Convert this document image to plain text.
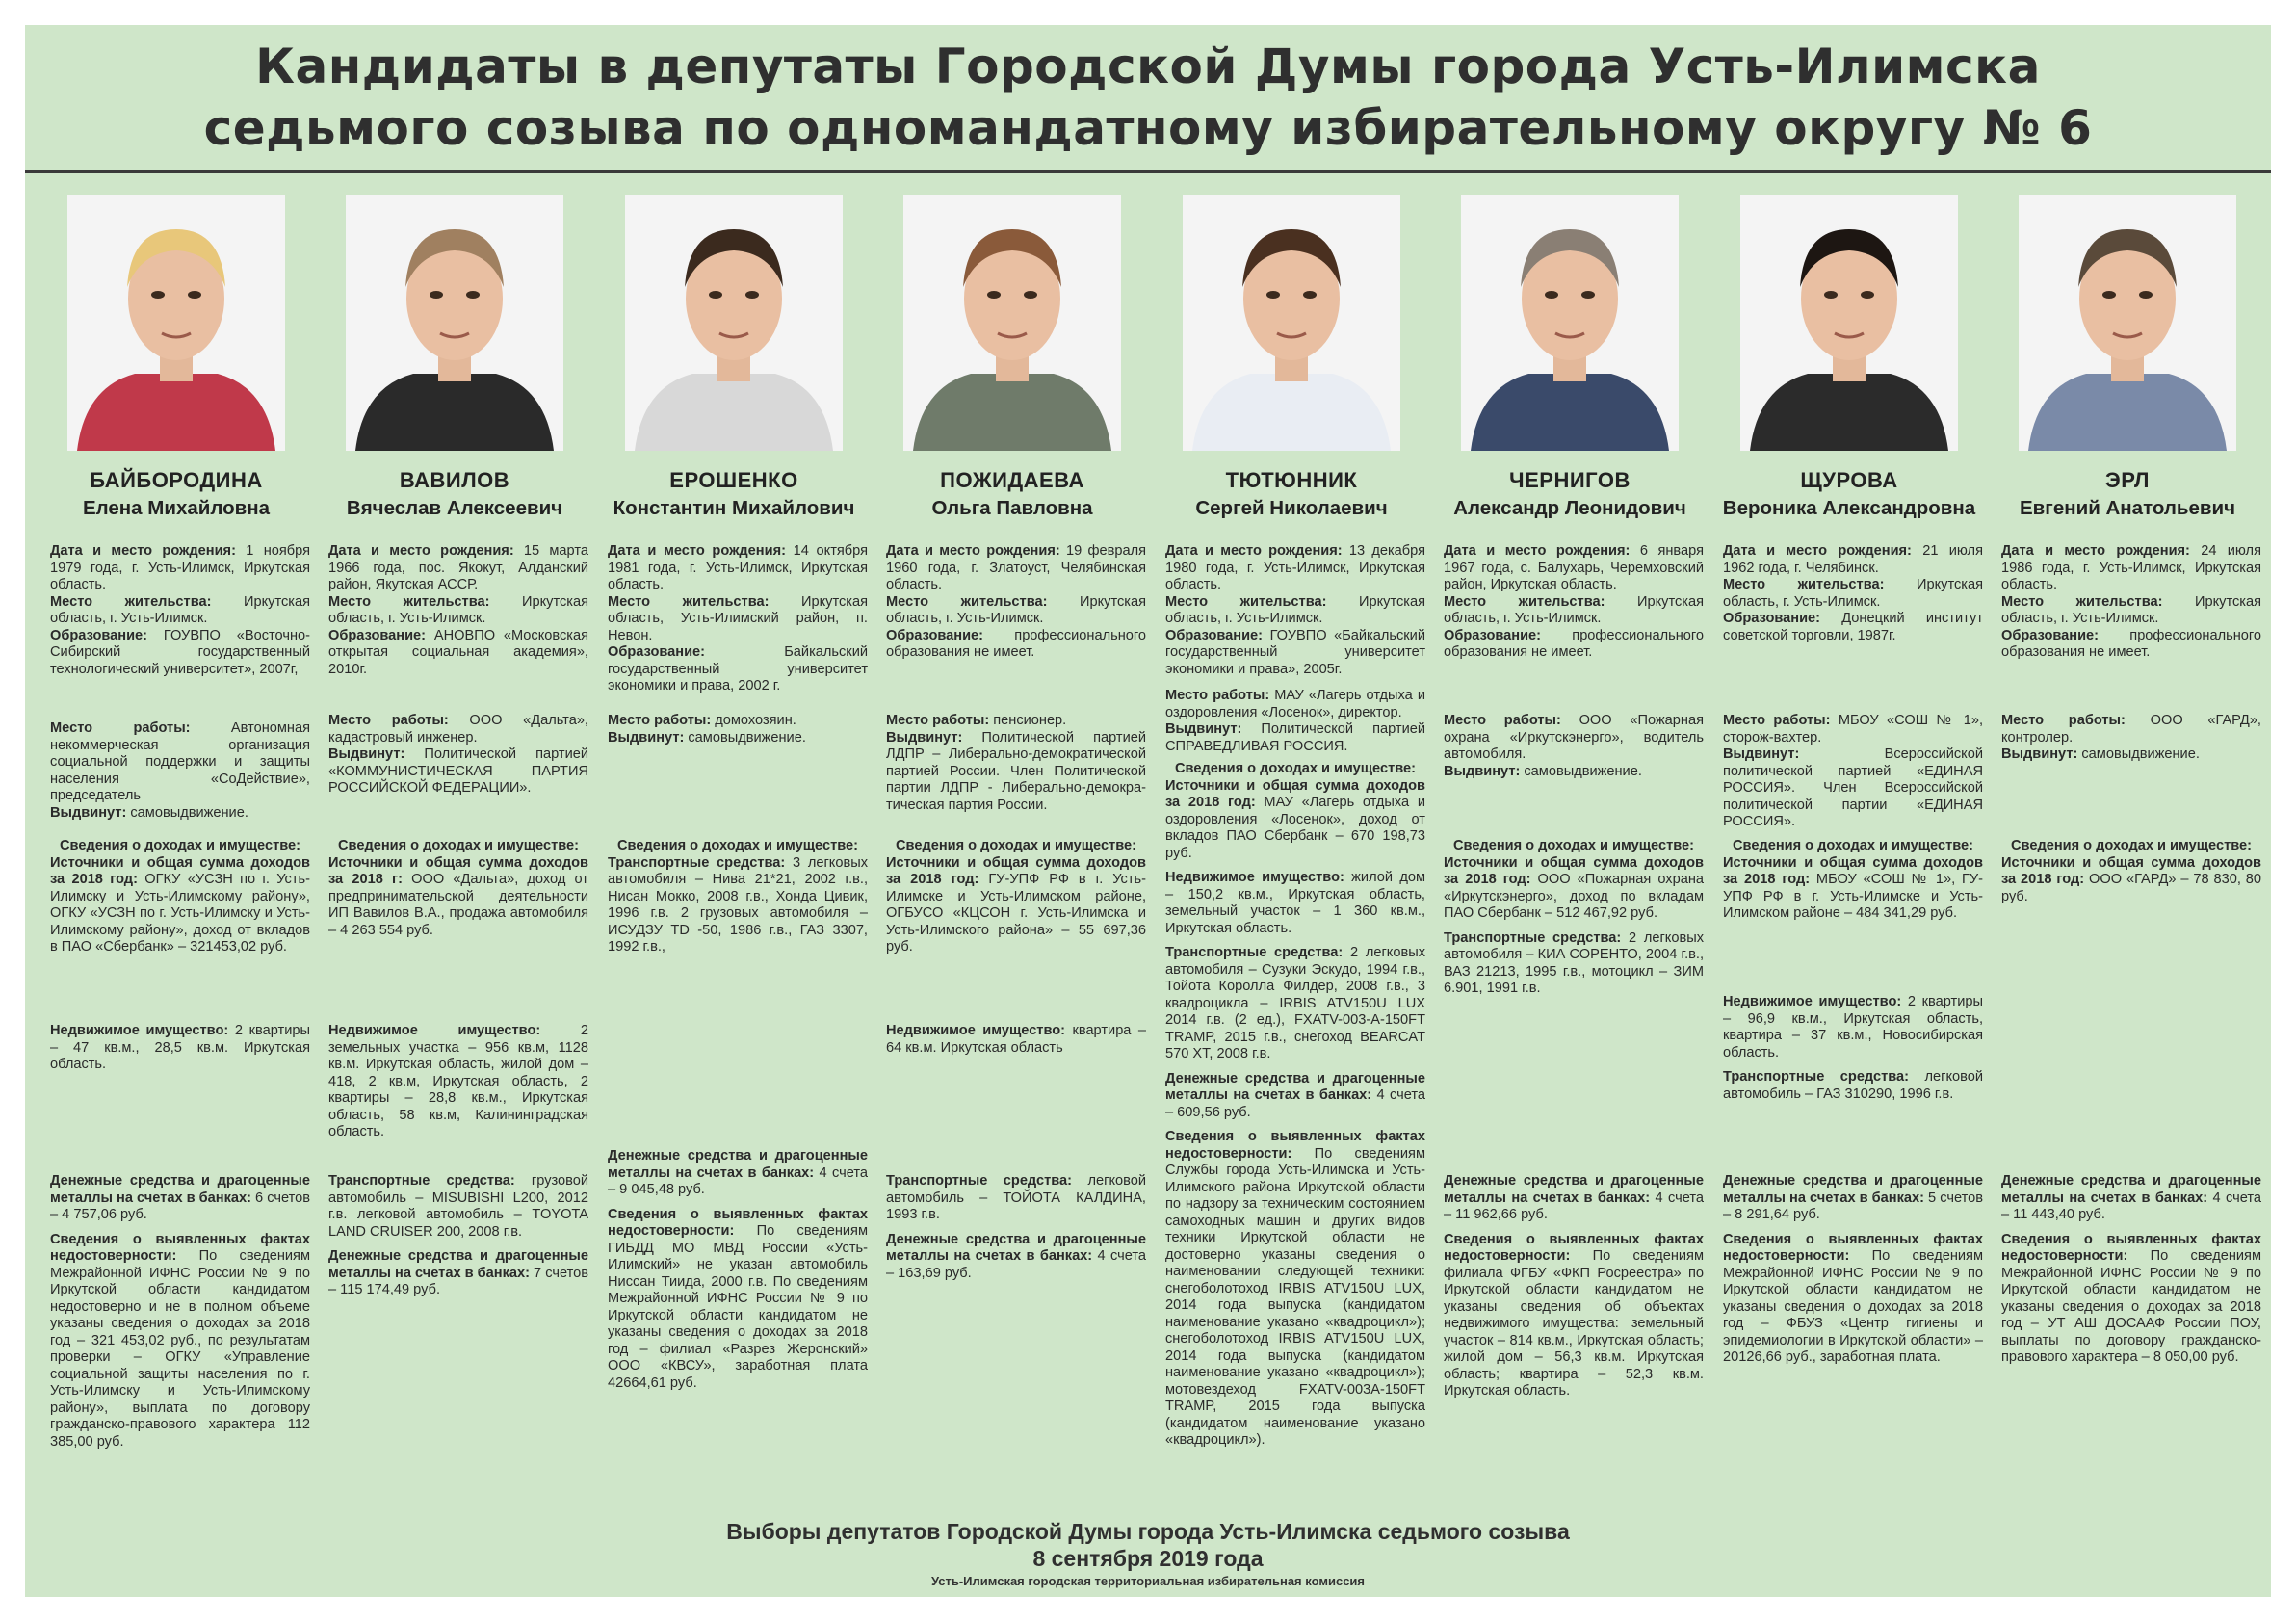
Кандидаты в депутаты Городской Думы города Усть-Илимска
седьмого созыва по одномандатному избирательному округу № 6
БАЙБОРОДИНА
Елена Михайловна
Дата и место рождения: 1 ноября 1979 года, г. Усть-Илимск, Иркутская область.
Место жительства: Иркутская область, г. Усть-Илимск.
Образование: ГОУВПО «Восточно-Сибирский государственный технологический университет», 2007г,
Место работы: Автономная некоммерческая организация социальной поддержки и защиты населения «СоДействие», председатель
Выдвинут: самовыдвижение.
Сведения о доходах и имуществе:
Источники и общая сумма доходов за 2018 год: ОГКУ «УСЗН по г. Усть-Илимску и Усть-Илимскому району», ОГКУ «УСЗН по г. Усть-Илимску и Усть-Илимскому району», доход от вкладов в ПАО «Сбербанк» – 321453,02 руб.
Недвижимое имущество: 2 квартиры – 47 кв.м., 28,5 кв.м. Иркутская область.
Денежные средства и драгоценные металлы на счетах в банках: 6 счетов – 4 757,06 руб.
Сведения о выявленных фактах недостоверности: По сведениям Межрайонной ИФНС России № 9 по Иркутской области кандидатом недостоверно и не в полном объеме указаны сведения о доходах за 2018 год – 321 453,02 руб., по результатам проверки – ОГКУ «Управление социальной защиты населения по г. Усть-Илимску и Усть-Илимскому району», выплата по договору гражданско-правового характера 112 385,00 руб.
ВАВИЛОВ
Вячеслав Алексеевич
Дата и место рождения: 15 марта 1966 года, пос. Якокут, Алданский район, Якутская АССР.
Место жительства: Иркутская область, г. Усть-Илимск.
Образование: АНОВПО «Московская открытая социальная академия», 2010г.
Место работы: ООО «Дальта», кадастровый инженер.
Выдвинут: Политической партией «КОММУНИСТИЧЕСКАЯ ПАРТИЯ РОССИЙСКОЙ ФЕДЕРАЦИИ».
Сведения о доходах и имуществе:
Источники и общая сумма доходов за 2018 г: ООО «Дальта», доход от предпринимательской деятельности ИП Вавилов В.А., продажа автомобиля – 4 263 554 руб.
Недвижимое имущество: 2 земельных участка – 956 кв.м, 1128 кв.м. Иркутская область, жилой дом – 418, 2 кв.м, Иркутская область, 2 квартиры – 28,8 кв.м., Иркутская область, 58 кв.м, Калининградская область.
Транспортные средства: грузовой автомобиль – MISUBISHI L200, 2012 г.в. легковой автомобиль – TOYOTA LAND CRUISER 200, 2008 г.в.
Денежные средства и драгоценные металлы на счетах в банках: 7 счетов – 115 174,49 руб.
ЕРОШЕНКО
Константин Михайлович
Дата и место рождения: 14 октября 1981 года, г. Усть-Илимск, Иркутская область.
Место жительства: Иркутская область, Усть-Илимский район, п. Невон.
Образование: Байкальский государственный университет экономики и права, 2002 г.
Место работы: домохозяин.
Выдвинут: самовыдвижение.
Сведения о доходах и имуществе:
Транспортные средства: 3 легковых автомобиля – Нива 21*21, 2002 г.в., Нисан Мокко, 2008 г.в., Хонда Цивик, 1996 г.в. 2 грузовых автомобиля – ИСУДЗУ TD -50, 1986 г.в., ГАЗ 3307, 1992 г.в.,
Денежные средства и драгоценные металлы на счетах в банках: 4 счета – 9 045,48 руб.
Сведения о выявленных фактах недостоверности: По сведениям ГИБДД МО МВД России «Усть-Илимский» не указан автомобиль Ниссан Тиида, 2000 г.в. По сведениям Межрайонной ИФНС России № 9 по Иркутской области кандидатом не указаны сведения о доходах за 2018 год – филиал «Разрез Жеронский» ООО «КВСУ», заработная плата 42664,61 руб.
ПОЖИДАЕВА
Ольга Павловна
Дата и место рождения: 19 февраля 1960 года, г. Златоуст, Челябинская область.
Место жительства: Иркутская область, г. Усть-Илимск.
Образование: профессионального образования не имеет.
Место работы: пенсионер.
Выдвинут: Политической партией ЛДПР – Либерально-демократической партией России. Член Политической партии ЛДПР - Либерально-демокра-тическая партия России.
Сведения о доходах и имуществе:
Источники и общая сумма доходов за 2018 год: ГУ-УПФ РФ в г. Усть-Илимске и Усть-Илимском районе, ОГБУСО «КЦСОН г. Усть-Илимска и Усть-Илимского района» – 55 697,36 руб.
Недвижимое имущество: квартира – 64 кв.м. Иркутская область
Транспортные средства: легковой автомобиль – ТОЙОТА КАЛДИНА, 1993 г.в.
Денежные средства и драгоценные металлы на счетах в банках: 4 счета – 163,69 руб.
ТЮТЮННИК
Сергей Николаевич
Дата и место рождения: 13 декабря 1980 года, г. Усть-Илимск, Иркутская область.
Место жительства: Иркутская область, г. Усть-Илимск.
Образование: ГОУВПО «Байкальский государственный университет экономики и права», 2005г.
Место работы: МАУ «Лагерь отдыха и оздоровления «Лосенок», директор.
Выдвинут: Политической партией СПРАВЕДЛИВАЯ РОССИЯ.
Сведения о доходах и имуществе:
Источники и общая сумма доходов за 2018 год: МАУ «Лагерь отдыха и оздоровления «Лосенок», доход от вкладов ПАО Сбербанк – 670 198,73 руб.
Недвижимое имущество: жилой дом – 150,2 кв.м., Иркутская область, земельный участок – 1 360 кв.м., Иркутская область.
Транспортные средства: 2 легковых автомобиля – Сузуки Эскудо, 1994 г.в., Тойота Королла Филдер, 2008 г.в., 3 квадроцикла – IRBIS ATV150U LUX 2014 г.в. (2 ед.), FXATV-003-A-150FT TRAMP, 2015 г.в., снегоход BEARCAT 570 XT, 2008 г.в.
Денежные средства и драгоценные металлы на счетах в банках: 4 счета – 609,56 руб.
Сведения о выявленных фактах недостоверности: По сведениям Службы города Усть-Илимска и Усть-Илимского района Иркутской области по надзору за техническим состоянием самоходных машин и других видов техники Иркутской области не достоверно указаны сведения о наименовании следующей техники: снегоболотоход IRBIS ATV150U LUX, 2014 года выпуска (кандидатом наименование указано «квадроцикл»); снегоболотоход IRBIS ATV150U LUX, 2014 года выпуска (кандидатом наименование указано «квадроцикл»); мотовездеход FXATV-003A-150FT TRAMP, 2015 года выпуска (кандидатом наименование указано «квадроцикл»).
ЧЕРНИГОВ
Александр Леонидович
Дата и место рождения: 6 января 1967 года, с. Балухарь, Черемховский район, Иркутская область.
Место жительства: Иркутская область, г. Усть-Илимск.
Образование: профессионального образования не имеет.
Место работы: ООО «Пожарная охрана «Иркутскэнерго», водитель автомобиля.
Выдвинут: самовыдвижение.
Сведения о доходах и имуществе:
Источники и общая сумма доходов за 2018 год: ООО «Пожарная охрана «Иркутскэнерго», доход по вкладам ПАО Сбербанк – 512 467,92 руб.
Транспортные средства: 2 легковых автомобиля – КИА СОРЕНТО, 2004 г.в., ВАЗ 21213, 1995 г.в., мотоцикл – ЗИМ 6.901, 1991 г.в.
Денежные средства и драгоценные металлы на счетах в банках: 4 счета – 11 962,66 руб.
Сведения о выявленных фактах недостоверности: По сведениям филиала ФГБУ «ФКП Росреестра» по Иркутской области кандидатом не указаны сведения об объектах недвижимого имущества: земельный участок – 814 кв.м., Иркутская область; жилой дом – 56,3 кв.м. Иркутская область; квартира – 52,3 кв.м. Иркутская область.
ЩУРОВА
Вероника Александровна
Дата и место рождения: 21 июля 1962 года, г. Челябинск.
Место жительства: Иркутская область, г. Усть-Илимск.
Образование: Донецкий институт советской торговли, 1987г.
Место работы: МБОУ «СОШ № 1», сторож-вахтер.
Выдвинут: Всероссийской политической партией «ЕДИНАЯ РОССИЯ». Член Всероссийской политической партии «ЕДИНАЯ РОССИЯ».
Сведения о доходах и имуществе:
Источники и общая сумма доходов за 2018 год: МБОУ «СОШ № 1», ГУ-УПФ РФ в г. Усть-Илимске и Усть-Илимском районе – 484 341,29 руб.
Недвижимое имущество: 2 квартиры – 96,9 кв.м., Иркутская область, квартира – 37 кв.м., Новосибирская область.
Транспортные средства: легковой автомобиль – ГАЗ 310290, 1996 г.в.
Денежные средства и драгоценные металлы на счетах в банках: 5 счетов – 8 291,64 руб.
Сведения о выявленных фактах недостоверности: По сведениям Межрайонной ИФНС России № 9 по Иркутской области кандидатом не указаны сведения о доходах за 2018 год – ФБУЗ «Центр гигиены и эпидемиологии в Иркутской области» – 20126,66 руб., заработная плата.
ЭРЛ
Евгений Анатольевич
Дата и место рождения: 24 июля 1986 года, г. Усть-Илимск, Иркутская область.
Место жительства: Иркутская область, г. Усть-Илимск.
Образование: профессионального образования не имеет.
Место работы: ООО «ГАРД», контролер.
Выдвинут: самовыдвижение.
Сведения о доходах и имуществе:
Источники и общая сумма доходов за 2018 год: ООО «ГАРД» – 78 830, 80 руб.
Денежные средства и драгоценные металлы на счетах в банках: 4 счета – 11 443,40 руб.
Сведения о выявленных фактах недостоверности: По сведениям Межрайонной ИФНС России № 9 по Иркутской области кандидатом не указаны сведения о доходах за 2018 год – УТ АШ ДОСААФ России ПОУ, выплаты по договору гражданско-правового характера – 8 050,00 руб.
Выборы депутатов Городской Думы города Усть-Илимска седьмого созыва
8 сентября 2019 года
Усть-Илимская городская территориальная избирательная комиссия
